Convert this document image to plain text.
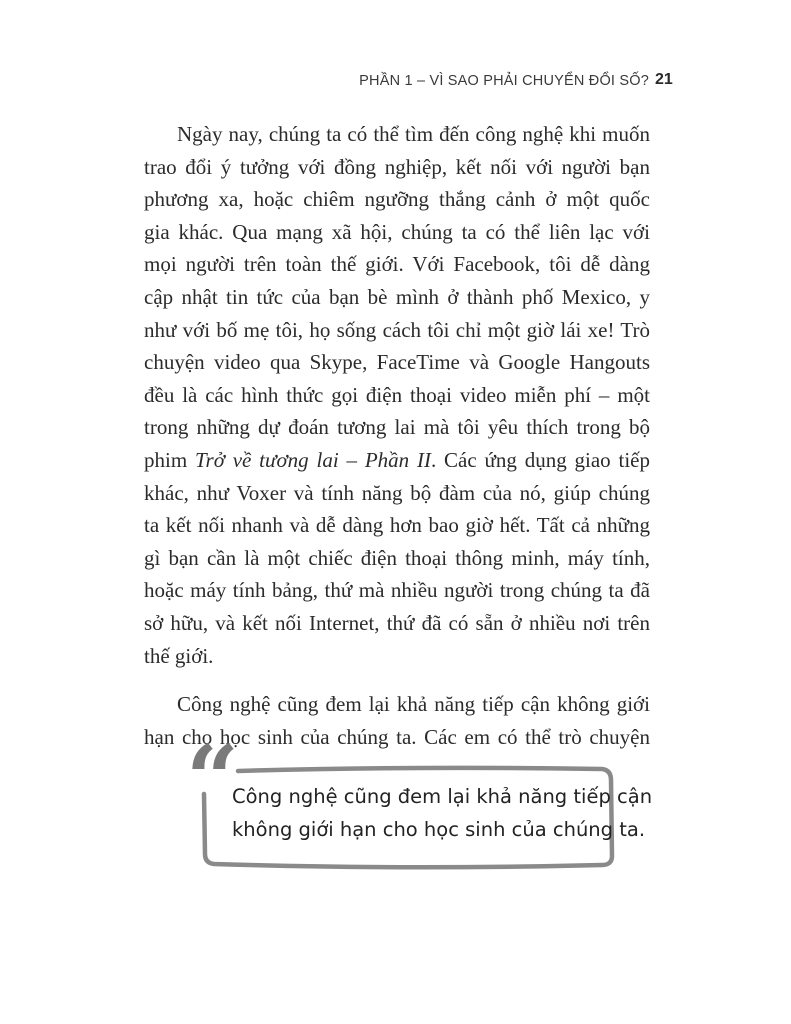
PHẦN 1 – VÌ SAO PHẢI CHUYỂN ĐỔI SỐ? 21
Ngày nay, chúng ta có thể tìm đến công nghệ khi muốn
trao đổi ý tưởng với đồng nghiệp, kết nối với người bạn
phương xa, hoặc chiêm ngưỡng thắng cảnh ở một quốc
gia khác. Qua mạng xã hội, chúng ta có thể liên lạc với
mọi người trên toàn thế giới. Với Facebook, tôi dễ dàng
cập nhật tin tức của bạn bè mình ở thành phố Mexico, y
như với bố mẹ tôi, họ sống cách tôi chỉ một giờ lái xe! Trò
chuyện video qua Skype, FaceTime và Google Hangouts
đều là các hình thức gọi điện thoại video miễn phí – một
trong những dự đoán tương lai mà tôi yêu thích trong bộ
phim Trở về tương lai – Phần II. Các ứng dụng giao tiếp
khác, như Voxer và tính năng bộ đàm của nó, giúp chúng
ta kết nối nhanh và dễ dàng hơn bao giờ hết. Tất cả những
gì bạn cần là một chiếc điện thoại thông minh, máy tính,
hoặc máy tính bảng, thứ mà nhiều người trong chúng ta đã
sở hữu, và kết nối Internet, thứ đã có sẵn ở nhiều nơi trên
thế giới.
Công nghệ cũng đem lại khả năng tiếp cận không giới
hạn cho học sinh của chúng ta. Các em có thể trò chuyện
“
Công nghệ cũng đem lại khả năng tiếp cận
không giới hạn cho học sinh của chúng ta.
